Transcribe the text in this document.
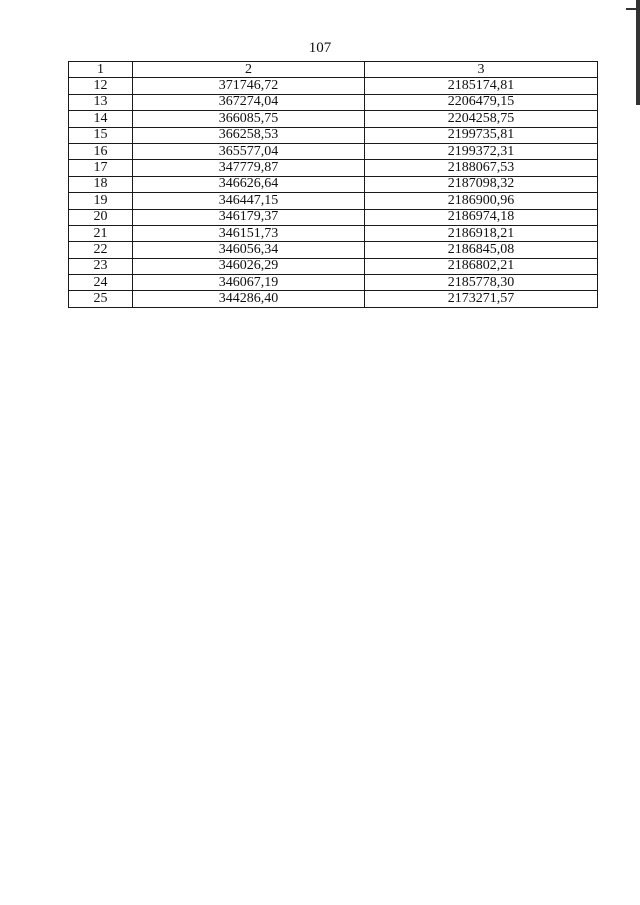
107
1	2	3
12	371746,72	2185174,81
13	367274,04	2206479,15
14	366085,75	2204258,75
15	366258,53	2199735,81
16	365577,04	2199372,31
17	347779,87	2188067,53
18	346626,64	2187098,32
19	346447,15	2186900,96
20	346179,37	2186974,18
21	346151,73	2186918,21
22	346056,34	2186845,08
23	346026,29	2186802,21
24	346067,19	2185778,30
25	344286,40	2173271,57
